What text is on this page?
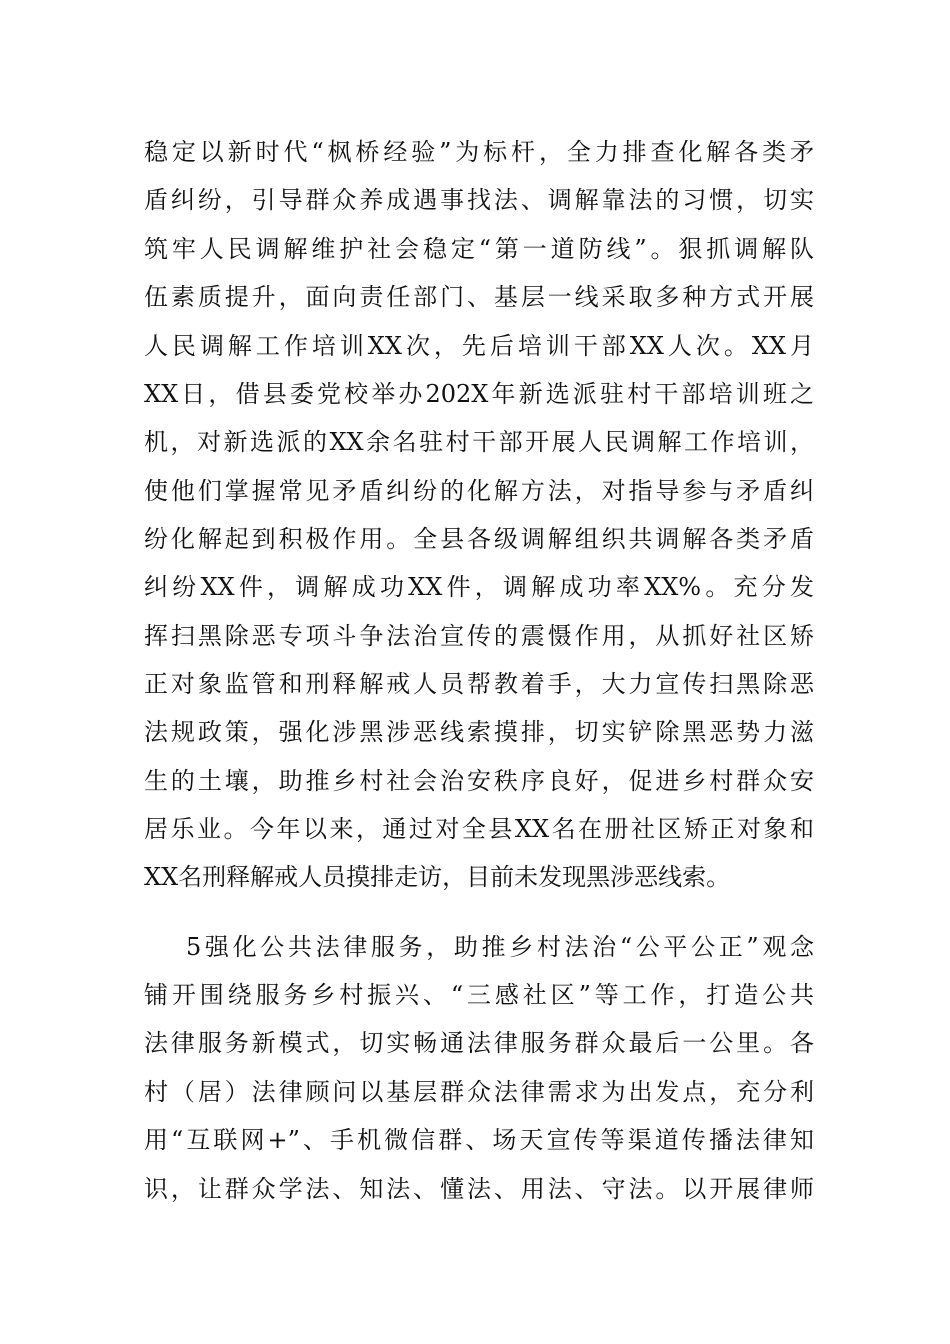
稳定以新时代“枫桥经验”为标杆，全力排查化解各类矛
盾纠纷，引导群众养成遇事找法、调解靠法的习惯，切实
筑牢人民调解维护社会稳定“第一道防线”。狠抓调解队
伍素质提升，面向责任部门、基层一线采取多种方式开展
人民调解工作培训XX次，先后培训干部XX人次。XX月
XX日，借县委党校举办202X年新选派驻村干部培训班之
机，对新选派的XX余名驻村干部开展人民调解工作培训，
使他们掌握常见矛盾纠纷的化解方法，对指导参与矛盾纠
纷化解起到积极作用。全县各级调解组织共调解各类矛盾
纠纷XX件，调解成功XX件，调解成功率XX%。充分发
挥扫黑除恶专项斗争法治宣传的震慑作用，从抓好社区矫
正对象监管和刑释解戒人员帮教着手，大力宣传扫黑除恶
法规政策，强化涉黑涉恶线索摸排，切实铲除黑恶势力滋
生的土壤，助推乡村社会治安秩序良好，促进乡村群众安
居乐业。今年以来，通过对全县XX名在册社区矫正对象和
XX名刑释解戒人员摸排走访，目前未发现黑涉恶线索。
5强化公共法律服务，助推乡村法治“公平公正”观念
铺开围绕服务乡村振兴、“三感社区”等工作，打造公共
法律服务新模式，切实畅通法律服务群众最后一公里。各
村（居）法律顾问以基层群众法律需求为出发点，充分利
用“互联网+”、手机微信群、场天宣传等渠道传播法律知
识，让群众学法、知法、懂法、用法、守法。以开展律师
